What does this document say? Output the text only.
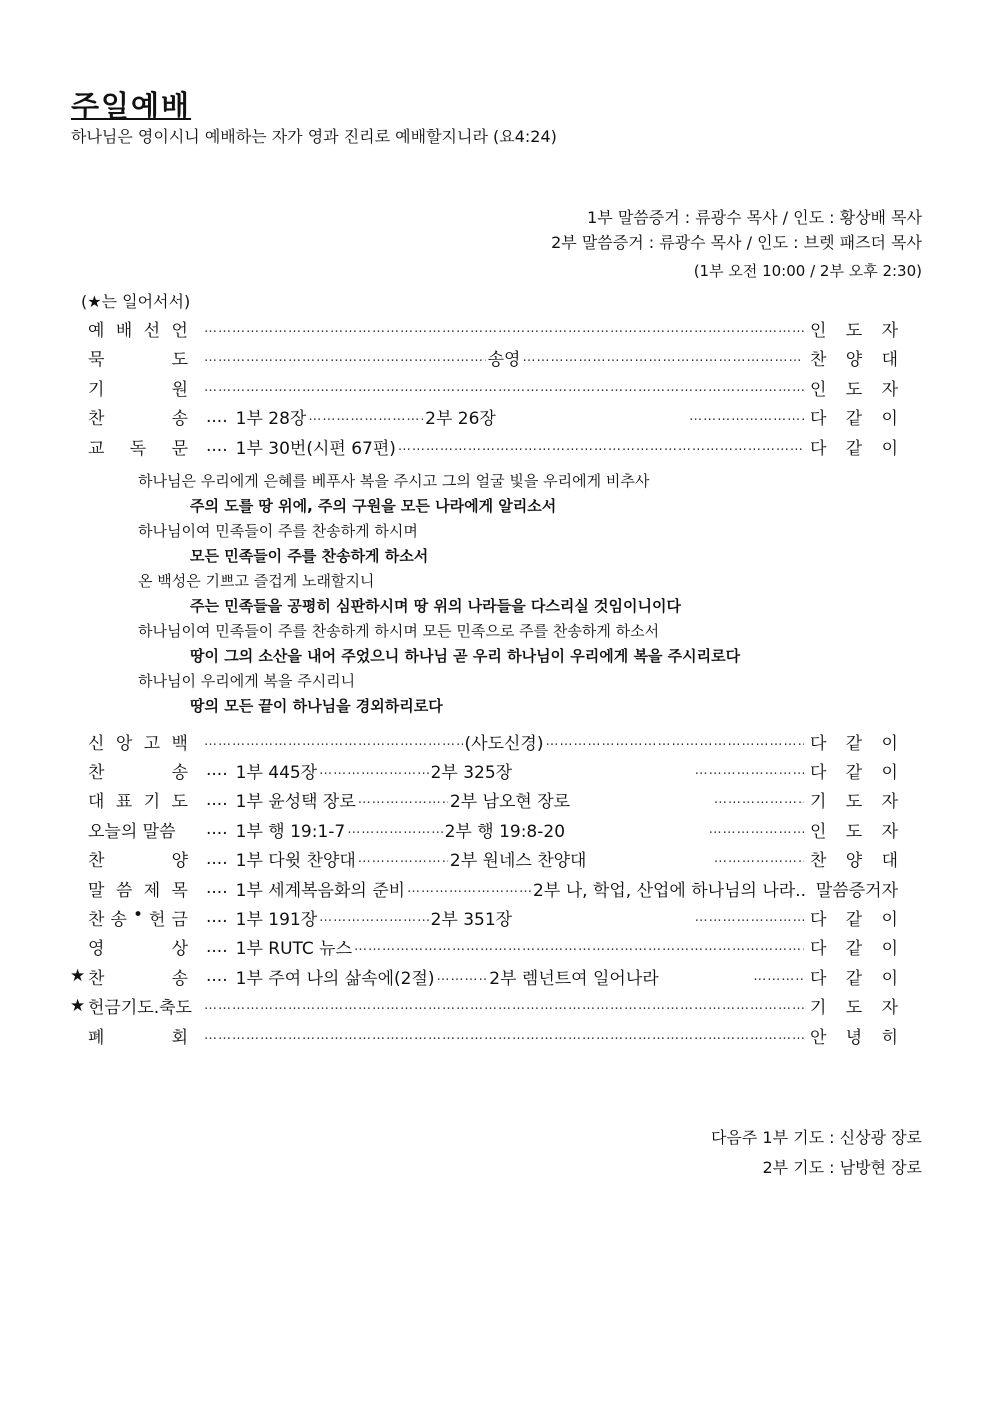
주일예배
하나님은 영이시니 예배하는 자가 영과 진리로 예배할지니라 (요4:24)
1부 말씀증거 : 류광수 목사 / 인도 : 황상배 목사
2부 말씀증거 : 류광수 목사 / 인도 : 브렛 패즈더 목사
(1부 오전 10:00 / 2부 오후 2:30)
(★는 일어서서)
예 배 선 언 ………………………………………………………………………………………………………………………………………………………………………………………………………………………………	인 도 자
묵	도 ………………………………………………………………………………………………………………………………………………………………………………………………………………………………	송영 ………………………………………………………………………………………………………………………………………………………………………………………………………………………………	찬 양 대
기	원 ………………………………………………………………………………………………………………………………………………………………………………………………………………………………	인 도 자
찬	송 .... 1부 28장 ………………………………………………………………………………………………………………………………………………………………………………………………………………………………	2부 26장 ………………………………………………………………………………………………………………………………………………………………………………………………………………………………	다 같 이
교 독 문 .... 1부 30번(시편 67편) ………………………………………………………………………………………………………………………………………………………………………………………………………………………………	다 같 이
하나님은 우리에게 은혜를 베푸사 복을 주시고 그의 얼굴 빛을 우리에게 비추사
주의 도를 땅 위에, 주의 구원을 모든 나라에게 알리소서
하나님이여 민족들이 주를 찬송하게 하시며
모든 민족들이 주를 찬송하게 하소서
온 백성은 기쁘고 즐겁게 노래할지니
주는 민족들을 공평히 심판하시며 땅 위의 나라들을 다스리실 것임이니이다
하나님이여 민족들이 주를 찬송하게 하시며 모든 민족으로 주를 찬송하게 하소서
땅이 그의 소산을 내어 주었으니 하나님 곧 우리 하나님이 우리에게 복을 주시리로다
하나님이 우리에게 복을 주시리니
땅의 모든 끝이 하나님을 경외하리로다
신 앙 고 백 ………………………………………………………………………………………………………………………………………………………………………………………………………………………………	(사도신경) ………………………………………………………………………………………………………………………………………………………………………………………………………………………………	다 같 이
찬	송 .... 1부 445장 ………………………………………………………………………………………………………………………………………………………………………………………………………………………………	2부 325장 ………………………………………………………………………………………………………………………………………………………………………………………………………………………………	다 같 이
대 표 기 도 .... 1부 윤성택 장로 ………………………………………………………………………………………………………………………………………………………………………………………………………………………………	2부 남오현 장로 ………………………………………………………………………………………………………………………………………………………………………………………………………………………………	기 도 자
오늘의 말씀	.... 1부 행 19:1-7 ………………………………………………………………………………………………………………………………………………………………………………………………………………………………	2부 행 19:8-20 ………………………………………………………………………………………………………………………………………………………………………………………………………………………………	인 도 자
찬	양 .... 1부 다윗 찬양대 ………………………………………………………………………………………………………………………………………………………………………………………………………………………………	2부 원네스 찬양대 ………………………………………………………………………………………………………………………………………………………………………………………………………………………………	찬 양 대
말 씀 제 목 .... 1부 세계복음화의 준비 ………………………………………………………………………………………………………………………………………………………………………………………………………………………………	2부 나, 학업, 산업에 하나님의 나라.. 말씀증거자
찬 송 • 헌 금 .... 1부 191장 ………………………………………………………………………………………………………………………………………………………………………………………………………………………………	2부 351장 ………………………………………………………………………………………………………………………………………………………………………………………………………………………………	다 같 이
영	상 .... 1부 RUTC 뉴스 ………………………………………………………………………………………………………………………………………………………………………………………………………………………………	다 같 이
★ 찬	송 .... 1부 주여 나의 삶속에(2절) ………………………………………………………………………………………………………………………………………………………………………………………………………………………………	2부 렘넌트여 일어나라 ………………………………………………………………………………………………………………………………………………………………………………………………………………………………	다 같 이
★ 헌금기도.축도 ………………………………………………………………………………………………………………………………………………………………………………………………………………………………	기 도 자
폐	회 ………………………………………………………………………………………………………………………………………………………………………………………………………………………………	안 녕 히
다음주 1부 기도 : 신상광 장로
2부 기도 : 남방현 장로
